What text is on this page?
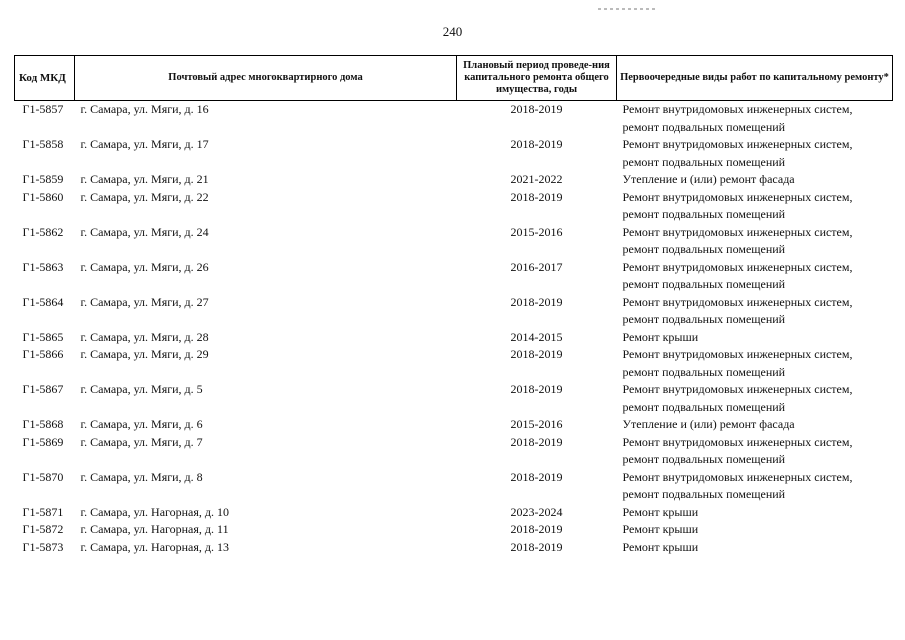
240
Код МКД	Почтовый адрес многоквартирного дома	Плановый период проведе-ния капитального ремонта общего имущества, годы	Первоочередные виды работ по капитальному ремонту*
Г1-5857	г. Самара, ул. Мяги, д. 16	2018-2019	Ремонт внутридомовых инженерных систем,
ремонт подвальных помещений

Г1-5858	г. Самара, ул. Мяги, д. 17	2018-2019	Ремонт внутридомовых инженерных систем,
ремонт подвальных помещений

Г1-5859	г. Самара, ул. Мяги, д. 21	2021-2022	Утепление и (или) ремонт фасада

Г1-5860	г. Самара, ул. Мяги, д. 22	2018-2019	Ремонт внутридомовых инженерных систем,
ремонт подвальных помещений

Г1-5862	г. Самара, ул. Мяги, д. 24	2015-2016	Ремонт внутридомовых инженерных систем,
ремонт подвальных помещений

Г1-5863	г. Самара, ул. Мяги, д. 26	2016-2017	Ремонт внутридомовых инженерных систем,
ремонт подвальных помещений

Г1-5864	г. Самара, ул. Мяги, д. 27	2018-2019	Ремонт внутридомовых инженерных систем,
ремонт подвальных помещений

Г1-5865	г. Самара, ул. Мяги, д. 28	2014-2015	Ремонт крыши

Г1-5866	г. Самара, ул. Мяги, д. 29	2018-2019	Ремонт внутридомовых инженерных систем,
ремонт подвальных помещений

Г1-5867	г. Самара, ул. Мяги, д. 5	2018-2019	Ремонт внутридомовых инженерных систем,
ремонт подвальных помещений

Г1-5868	г. Самара, ул. Мяги, д. 6	2015-2016	Утепление и (или) ремонт фасада

Г1-5869	г. Самара, ул. Мяги, д. 7	2018-2019	Ремонт внутридомовых инженерных систем,
ремонт подвальных помещений

Г1-5870	г. Самара, ул. Мяги, д. 8	2018-2019	Ремонт внутридомовых инженерных систем,
ремонт подвальных помещений

Г1-5871	г. Самара, ул. Нагорная, д. 10	2023-2024	Ремонт крыши

Г1-5872	г. Самара, ул. Нагорная, д. 11	2018-2019	Ремонт крыши

Г1-5873	г. Самара, ул. Нагорная, д. 13	2018-2019	Ремонт крыши
